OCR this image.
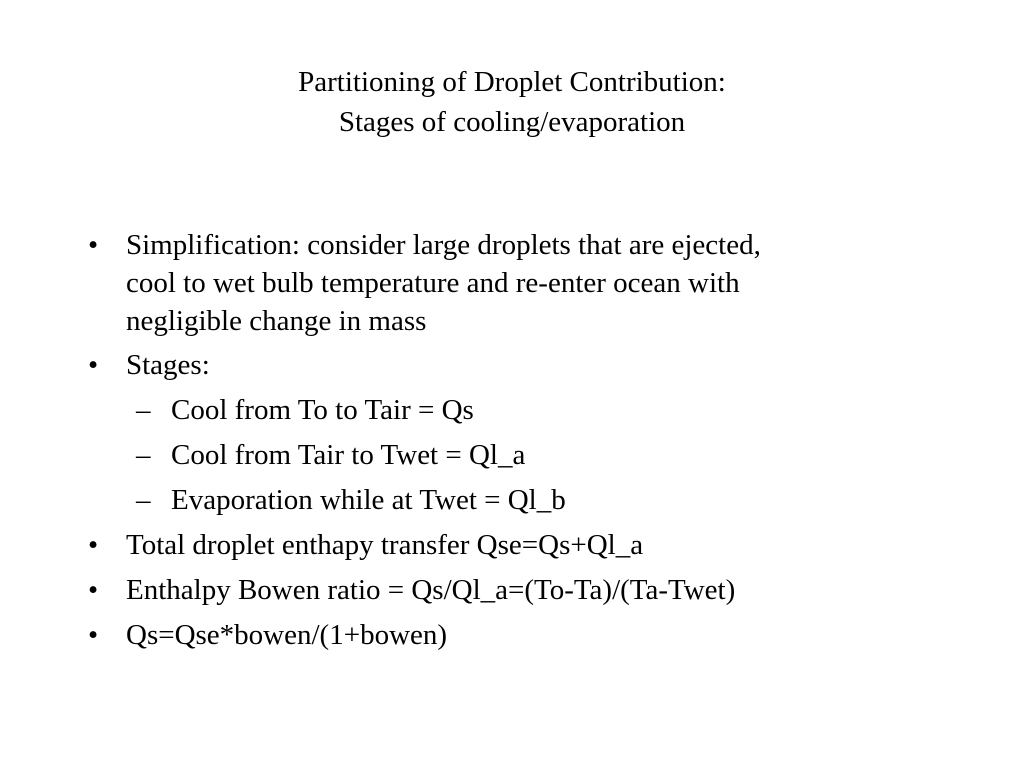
Partitioning of Droplet Contribution:
Stages of cooling/evaporation
• Simplification: consider large droplets that are ejected,
cool to wet bulb temperature and re-enter ocean with
negligible change in mass
• Stages:
– Cool from To to Tair = Qs
– Cool from Tair to Twet = Ql_a
– Evaporation while at Twet = Ql_b
• Total droplet enthapy transfer Qse=Qs+Ql_a
• Enthalpy Bowen ratio = Qs/Ql_a=(To-Ta)/(Ta-Twet)
• Qs=Qse*bowen/(1+bowen)
